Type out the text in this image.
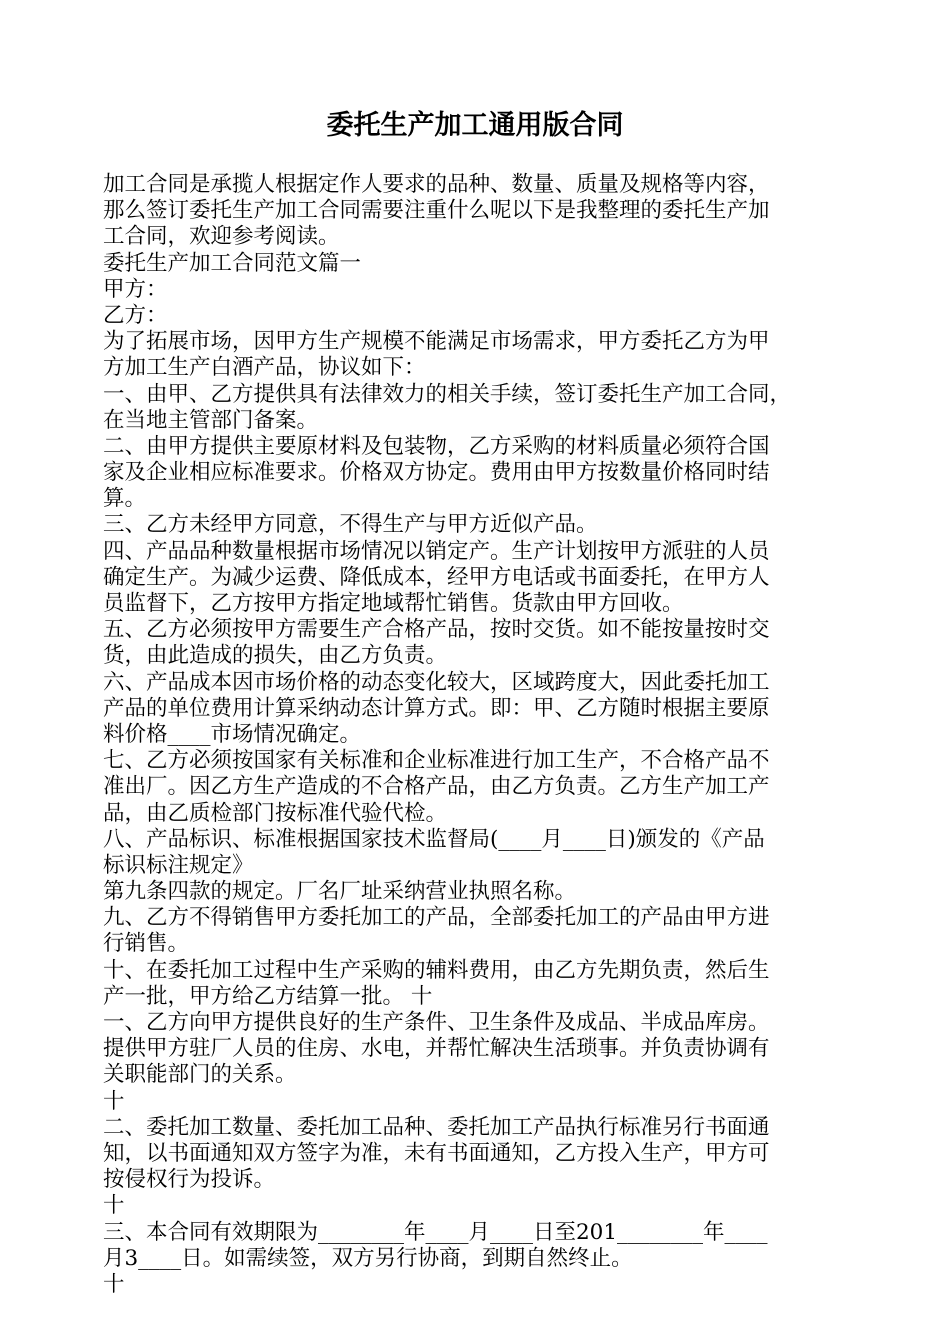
委托生产加工通用版合同
加工合同是承揽人根据定作人要求的品种、数量、质量及规格等内容，
那么签订委托生产加工合同需要注重什么呢以下是我整理的委托生产加
工合同，欢迎参考阅读。
委托生产加工合同范文篇一
甲方：
乙方：
为了拓展市场，因甲方生产规模不能满足市场需求，甲方委托乙方为甲
方加工生产白酒产品，协议如下：
一、由甲、乙方提供具有法律效力的相关手续，签订委托生产加工合同，
在当地主管部门备案。
二、由甲方提供主要原材料及包装物，乙方采购的材料质量必须符合国
家及企业相应标准要求。价格双方协定。费用由甲方按数量价格同时结
算。
三、乙方未经甲方同意，不得生产与甲方近似产品。
四、产品品种数量根据市场情况以销定产。生产计划按甲方派驻的人员
确定生产。为减少运费、降低成本，经甲方电话或书面委托，在甲方人
员监督下，乙方按甲方指定地域帮忙销售。货款由甲方回收。
五、乙方必须按甲方需要生产合格产品，按时交货。如不能按量按时交
货，由此造成的损失，由乙方负责。
六、产品成本因市场价格的动态变化较大，区域跨度大，因此委托加工
产品的单位费用计算采纳动态计算方式。即：甲、乙方随时根据主要原
料价格____市场情况确定。
七、乙方必须按国家有关标准和企业标准进行加工生产，不合格产品不
准出厂。因乙方生产造成的不合格产品，由乙方负责。乙方生产加工产
品，由乙质检部门按标准代验代检。
八、产品标识、标准根据国家技术监督局(____月____日)颁发的《产品
标识标注规定》
第九条四款的规定。厂名厂址采纳营业执照名称。
九、乙方不得销售甲方委托加工的产品，全部委托加工的产品由甲方进
行销售。
十、在委托加工过程中生产采购的辅料费用，由乙方先期负责，然后生
产一批，甲方给乙方结算一批。 十
一、乙方向甲方提供良好的生产条件、卫生条件及成品、半成品库房。
提供甲方驻厂人员的住房、水电，并帮忙解决生活琐事。并负责协调有
关职能部门的关系。
十
二、委托加工数量、委托加工品种、委托加工产品执行标准另行书面通
知，以书面通知双方签字为准，未有书面通知，乙方投入生产，甲方可
按侵权行为投诉。
十
三、本合同有效期限为________年____月____日至201________年____
月3____日。如需续签，双方另行协商，到期自然终止。
十
